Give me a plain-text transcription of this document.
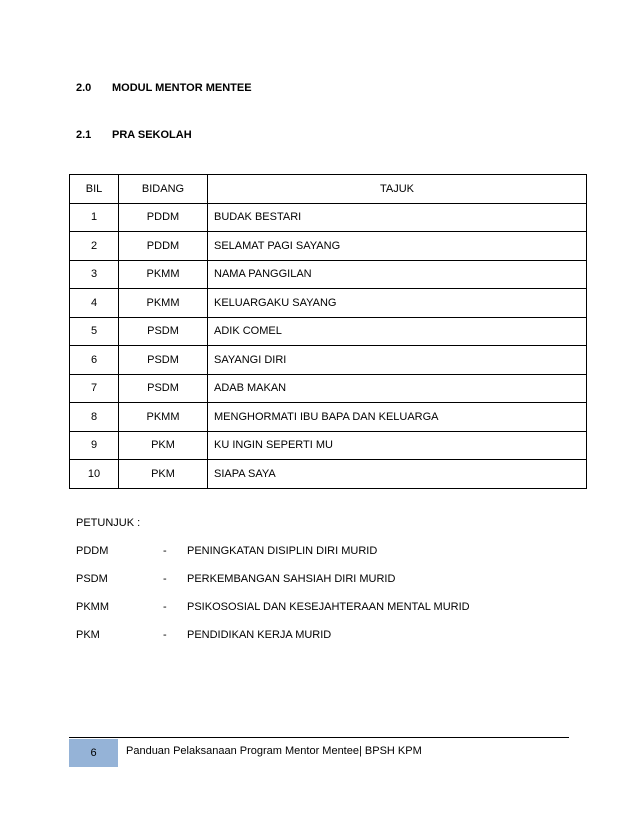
2.0 MODUL MENTOR MENTEE
2.1 PRA SEKOLAH
BIL	BIDANG	TAJUK
1	PDDM	BUDAK BESTARI
2	PDDM	SELAMAT PAGI SAYANG
3	PKMM	NAMA PANGGILAN
4	PKMM	KELUARGAKU SAYANG
5	PSDM	ADIK COMEL
6	PSDM	SAYANGI DIRI
7	PSDM	ADAB MAKAN
8	PKMM	MENGHORMATI IBU BAPA DAN KELUARGA
9	PKM	KU INGIN SEPERTI MU
10	PKM	SIAPA SAYA
PETUNJUK :
PDDM	- PENINGKATAN DISIPLIN DIRI MURID
PSDM	- PERKEMBANGAN SAHSIAH DIRI MURID
PKMM	- PSIKOSOSIAL DAN KESEJAHTERAAN MENTAL MURID
PKM	- PENDIDIKAN KERJA MURID
6	Panduan Pelaksanaan Program Mentor Mentee| BPSH KPM
